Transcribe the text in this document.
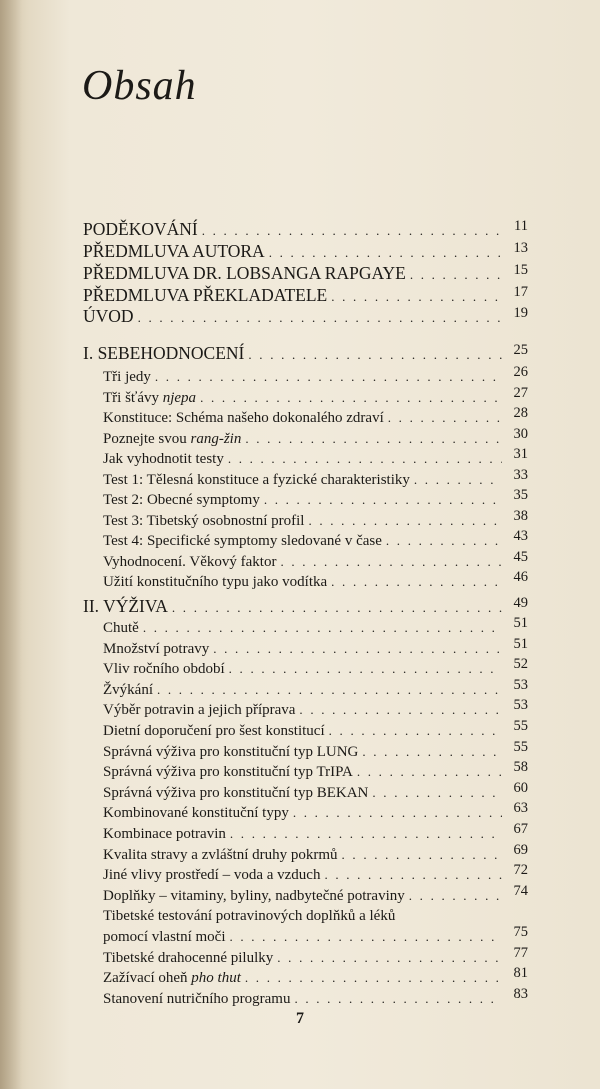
Obsah
PODĚKOVÁNÍ . . .	11
PŘEDMLUVA AUTORA . . .	13
PŘEDMLUVA DR. LOBSANGA RAPGAYE . . .	15
PŘEDMLUVA PŘEKLADATELE . . .	17
ÚVOD . . .	19
I. SEBEHODNOCENÍ . . .	25
Tři jedy . . .	26
Tři šťávy njepa . . .	27
Konstituce: Schéma našeho dokonalého zdraví . . .	28
Poznejte svou rang-žin . . .	30
Jak vyhodnotit testy . . .	31
Test 1: Tělesná konstituce a fyzické charakteristiky . . .	33
Test 2: Obecné symptomy . . .	35
Test 3: Tibetský osobnostní profil . . .	38
Test 4: Specifické symptomy sledované v čase . . .	43
Vyhodnocení. Věkový faktor . . .	45
Užití konstitučního typu jako vodítka . . .	46
II. VÝŽIVA . . .	49
Chutě . . .	51
Množství potravy . . .	51
Vliv ročního období . . .	52
Žvýkání . . .	53
Výběr potravin a jejich příprava . . .	53
Dietní doporučení pro šest konstitucí . . .	55
Správná výživa pro konstituční typ LUNG . . .	55
Správná výživa pro konstituční typ TrIPA . . .	58
Správná výživa pro konstituční typ BEKAN . . .	60
Kombinované konstituční typy . . .	63
Kombinace potravin . . .	67
Kvalita stravy a zvláštní druhy pokrmů . . .	69
Jiné vlivy prostředí – voda a vzduch . . .	72
Doplňky – vitaminy, byliny, nadbytečné potraviny . . .	74
Tibetské testování potravinových doplňků a léků
pomocí vlastní moči . . .	75
Tibetské drahocenné pilulky . . .	77
Zažívací oheň pho thut . . .	81
Stanovení nutričního programu . . .	83
7
